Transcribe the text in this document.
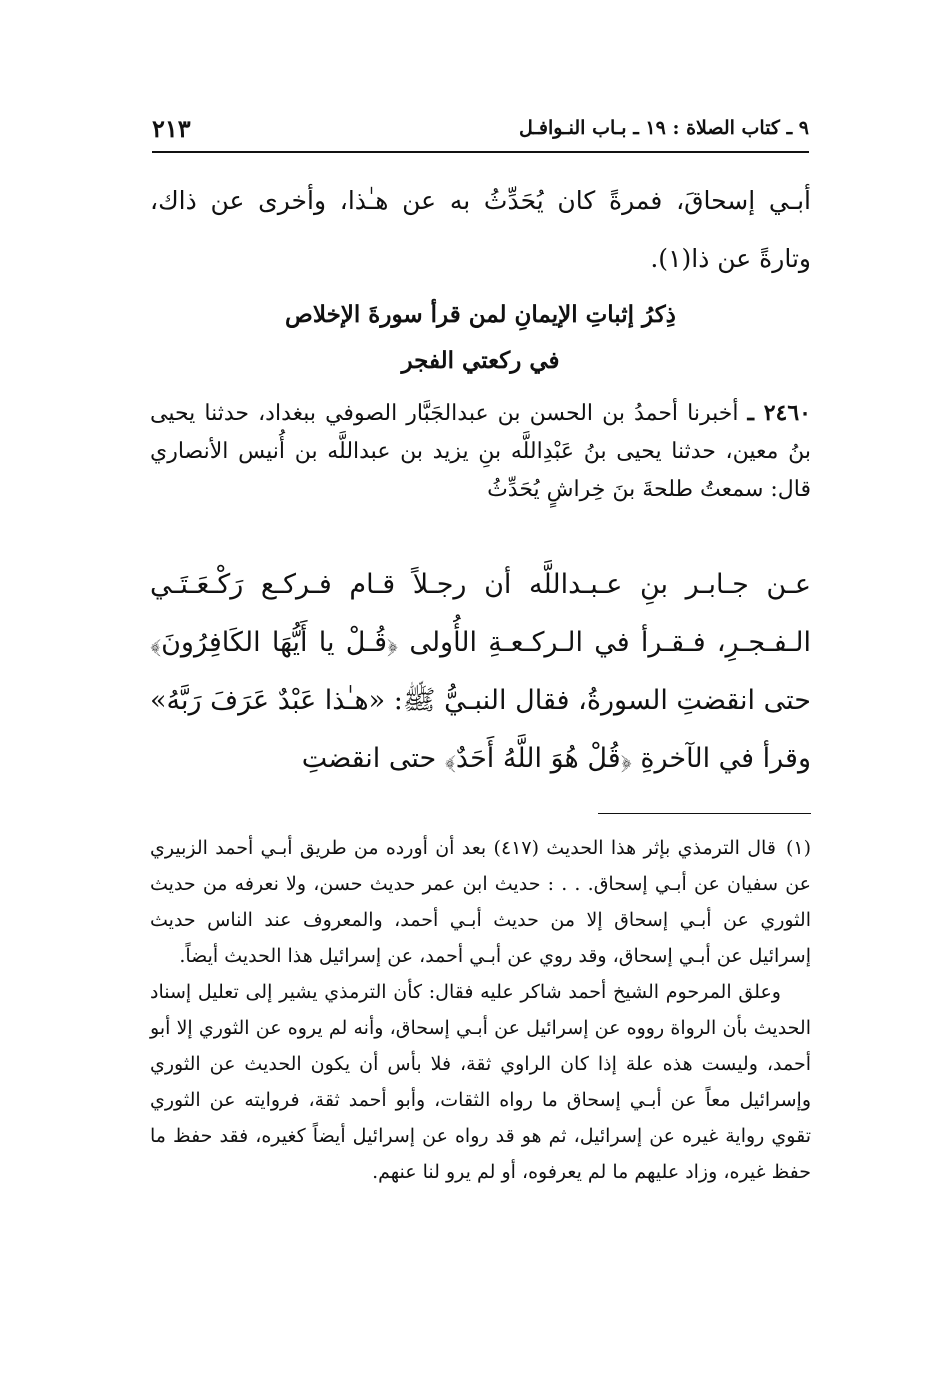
٩ ـ كتاب الصلاة : ١٩ ـ بـاب النـوافـل
٢١٣
أبـي إسحاقَ، فمرةً كان يُحَدِّثُ به عن هـٰذا، وأخرى عن ذاك، وتارةً عن ذا(١).
ذِكرُ إثباتِ الإيمانِ لمن قرأ سورةَ الإخلاص
في ركعتي الفجر
٢٤٦٠ ـ أخبرنا أحمدُ بن الحسن بن عبدالجَبَّار الصوفي ببغداد، حدثنا يحيى بنُ معين، حدثنا يحيى بنُ عَبْدِاللَّه بنِ يزيد بن عبداللَّه بن أُنيس الأنصاري قال: سمعتُ طلحةَ بنَ خِراشٍ يُحَدِّثُ
عـن جـابـر بنِ عـبـداللَّه أن رجـلاً قـام فـركـع رَكْـعَـتَـي الـفـجـرِ، فـقـرأ في الـركـعـةِ الأُولى ﴿قُـلْ يا أَيُّهَا الكَافِرُونَ﴾ حتى انقضتِ السورةُ، فقال النبـيُّ ﷺ: «هـٰذا عَبْدٌ عَرَفَ رَبَّهُ» وقرأ في الآخرةِ ﴿قُلْ هُوَ اللَّهُ أَحَدٌ﴾ حتى انقضتِ

(١)قال الترمذي بإثر هذا الحديث (٤١٧) بعد أن أورده من طريق أبـي أحمد الزبيري عن سفيان عن أبـي إسحاق. . . : حديث ابن عمر حديث حسن، ولا نعرفه من حديث الثوري عن أبـي إسحاق إلا من حديث أبـي أحمد، والمعروف عند الناس حديث إسرائيل عن أبـي إسحاق، وقد روي عن أبـي أحمد، عن إسرائيل هذا الحديث أيضاً.

وعلق المرحوم الشيخ أحمد شاكر عليه فقال: كأن الترمذي يشير إلى تعليل إسناد الحديث بأن الرواة رووه عن إسرائيل عن أبـي إسحاق، وأنه لم يروه عن الثوري إلا أبو أحمد، وليست هذه علة إذا كان الراوي ثقة، فلا بأس أن يكون الحديث عن الثوري وإسرائيل معاً عن أبـي إسحاق ما رواه الثقات، وأبو أحمد ثقة، فروايته عن الثوري تقوي رواية غيره عن إسرائيل، ثم هو قد رواه عن إسرائيل أيضاً كغيره، فقد حفظ ما حفظ غيره، وزاد عليهم ما لم يعرفوه، أو لم يرو لنا عنهم.
